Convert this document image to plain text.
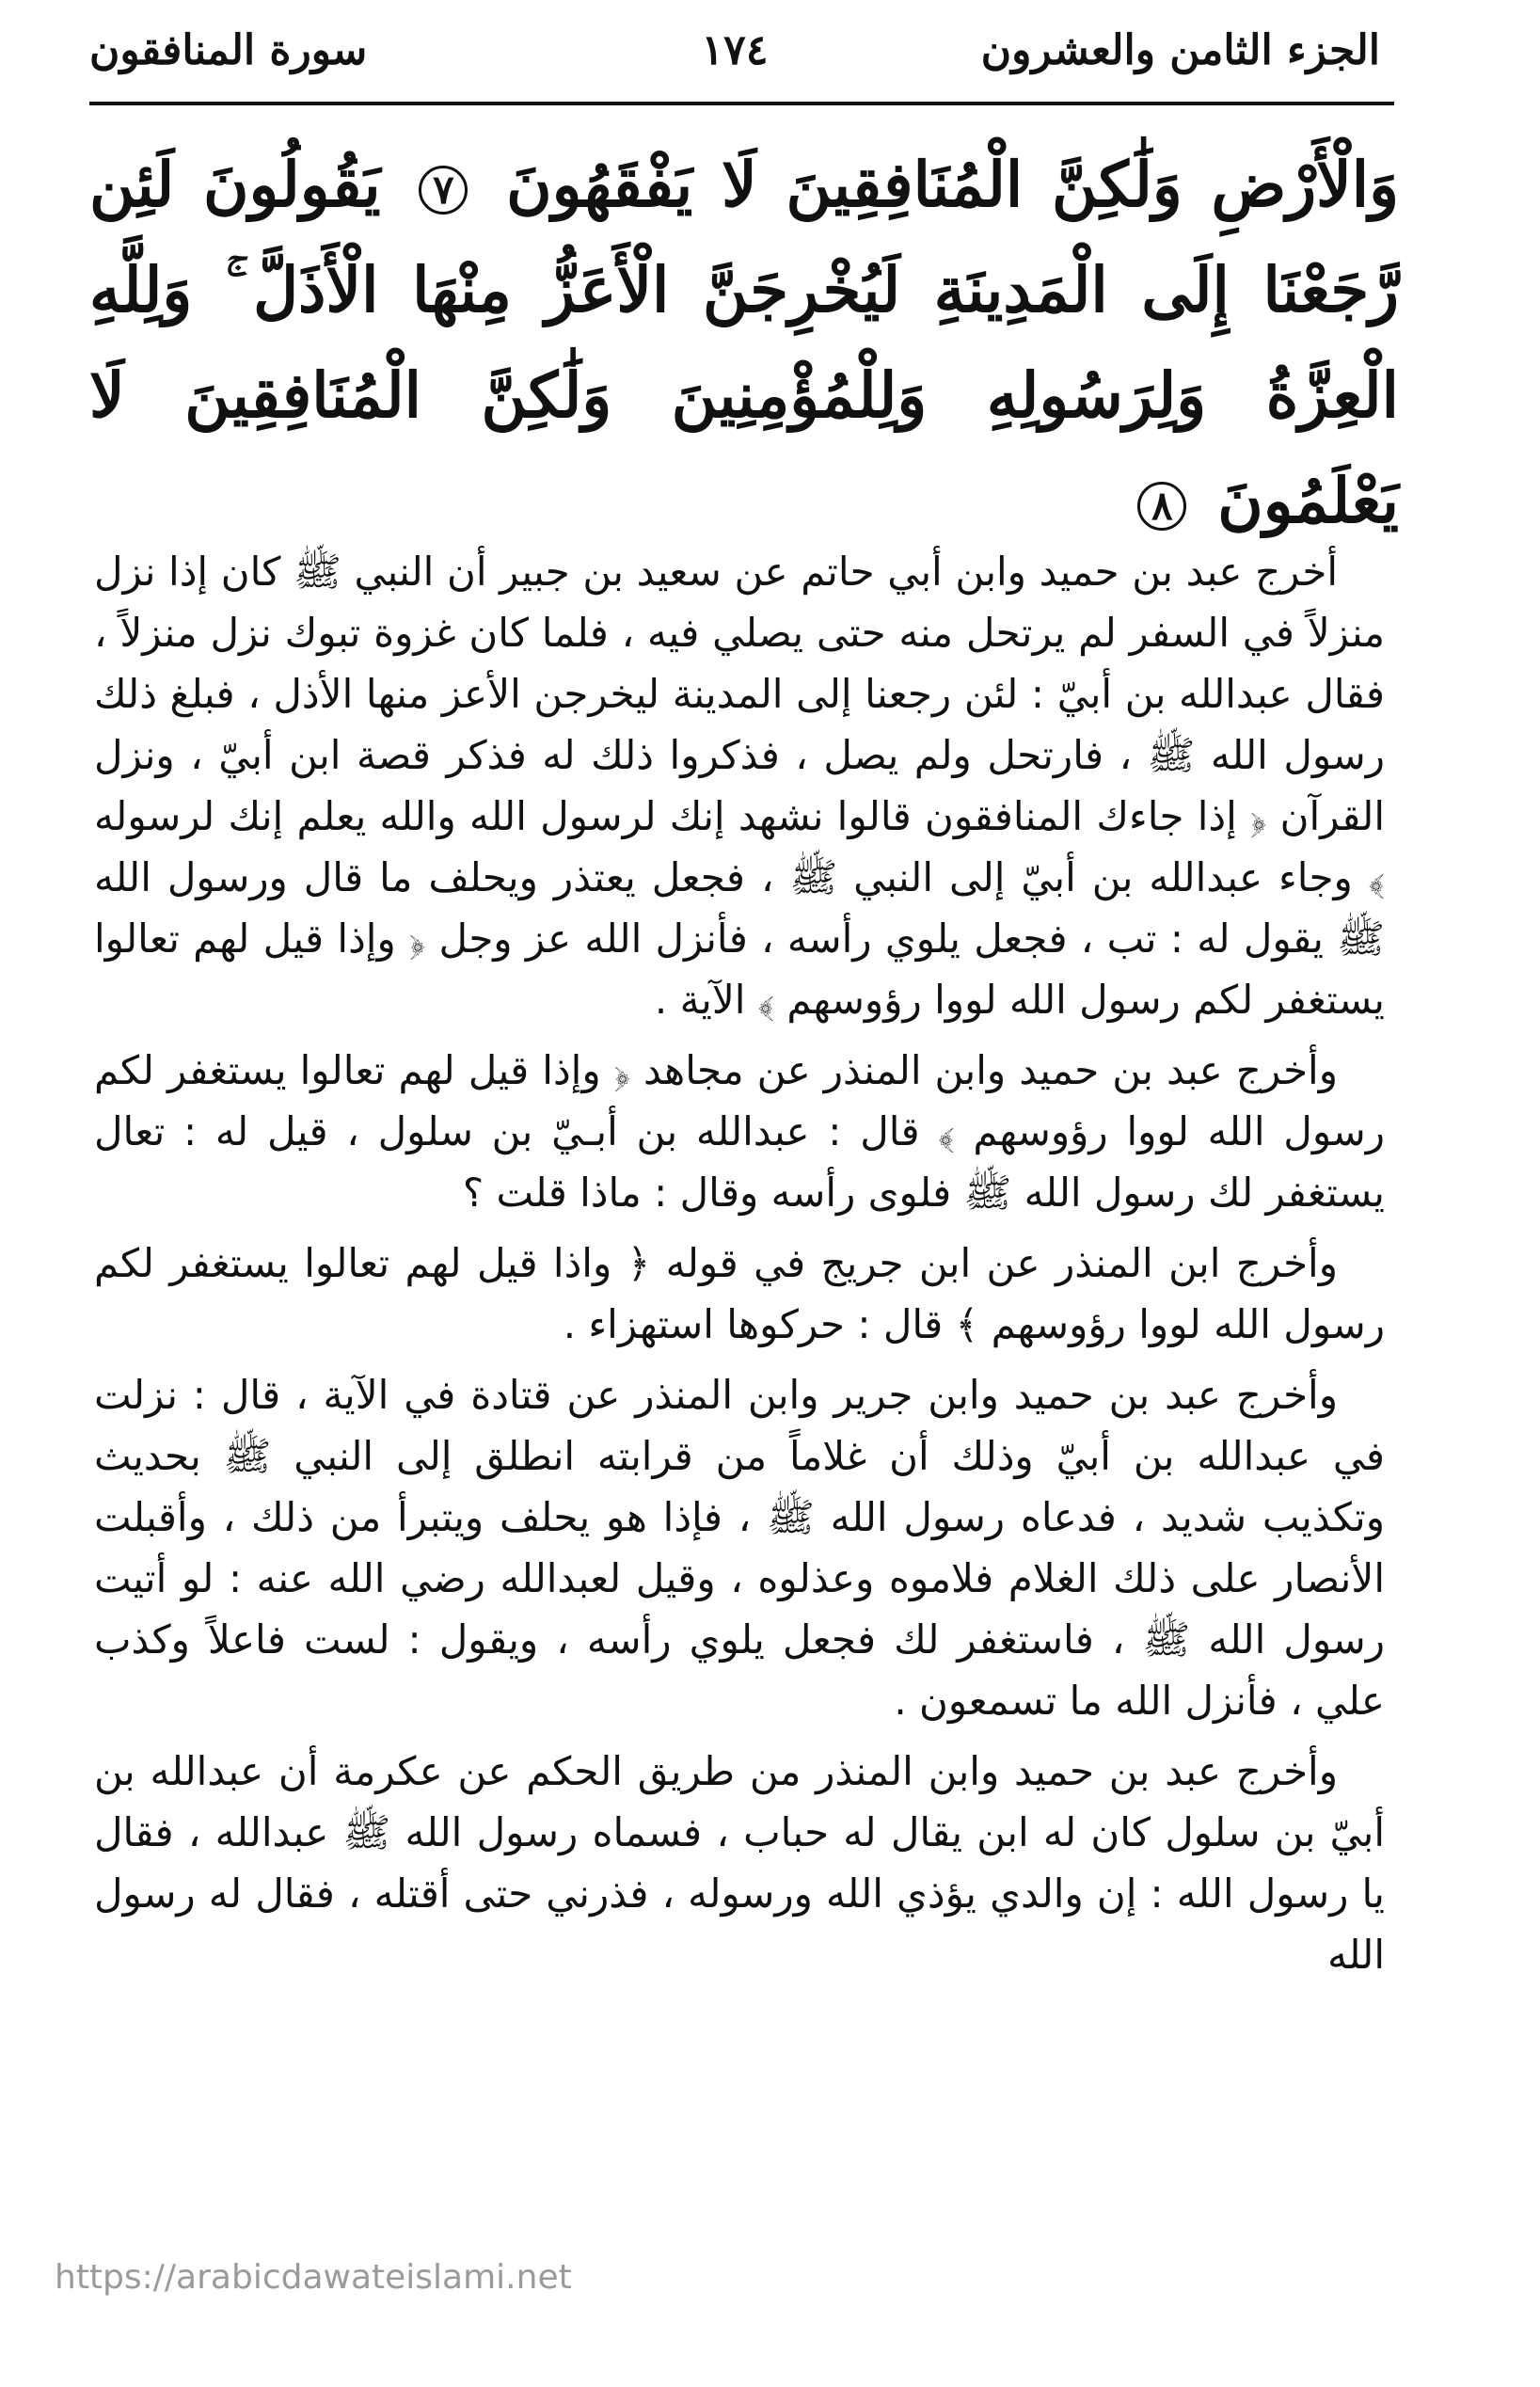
الجزء الثامن والعشرون
١٧٤
سورة المنافقون
وَالْأَرْضِ وَلَٰكِنَّ الْمُنَافِقِينَ لَا يَفْقَهُونَ ٧ يَقُولُونَ لَئِن رَّجَعْنَا إِلَى الْمَدِينَةِ لَيُخْرِجَنَّ الْأَعَزُّ مِنْهَا الْأَذَلَّ ۚ وَلِلَّهِ الْعِزَّةُ وَلِرَسُولِهِ وَلِلْمُؤْمِنِينَ وَلَٰكِنَّ الْمُنَافِقِينَ لَا يَعْلَمُونَ ٨

أخرج عبد بن حميد وابن أبي حاتم عن سعيد بن جبير أن النبي ﷺ كان إذا نزل منزلاً في السفر لم يرتحل منه حتى يصلي فيه ، فلما كان غزوة تبوك نزل منزلاً ، فقال عبدالله بن أبيّ : لئن رجعنا إلى المدينة ليخرجن الأعز منها الأذل ، فبلغ ذلك رسول الله ﷺ ، فارتحل ولم يصل ، فذكروا ذلك له فذكر قصة ابن أبيّ ، ونزل القرآن ﴿ إذا جاءك المنافقون قالوا نشهد إنك لرسول الله والله يعلم إنك لرسوله ﴾ وجاء عبدالله بن أبيّ إلى النبي ﷺ ، فجعل يعتذر ويحلف ما قال ورسول الله ﷺ يقول له : تب ، فجعل يلوي رأسه ، فأنزل الله عز وجل ﴿ وإذا قيل لهم تعالوا يستغفر لكم رسول الله لووا رؤوسهم ﴾ الآية .

وأخرج عبد بن حميد وابن المنذر عن مجاهد ﴿ وإذا قيل لهم تعالوا يستغفر لكم رسول الله لووا رؤوسهم ﴾ قال : عبدالله بن أبـيّ بن سلول ، قيل له : تعال يستغفر لك رسول الله ﷺ فلوى رأسه وقال : ماذا قلت ؟

وأخرج ابن المنذر عن ابن جريج في قوله ﴿ واذا قيل لهم تعالوا يستغفر لكم رسول الله لووا رؤوسهم ﴾ قال : حركوها استهزاء .

وأخرج عبد بن حميد وابن جرير وابن المنذر عن قتادة في الآية ، قال : نزلت في عبدالله بن أبيّ وذلك أن غلاماً من قرابته انطلق إلى النبي ﷺ بحديث وتكذيب شديد ، فدعاه رسول الله ﷺ ، فإذا هو يحلف ويتبرأ من ذلك ، وأقبلت الأنصار على ذلك الغلام فلاموه وعذلوه ، وقيل لعبدالله رضي الله عنه : لو أتيت رسول الله ﷺ ، فاستغفر لك فجعل يلوي رأسه ، ويقول : لست فاعلاً وكذب علي ، فأنزل الله ما تسمعون .

وأخرج عبد بن حميد وابن المنذر من طريق الحكم عن عكرمة أن عبدالله بن أبيّ بن سلول كان له ابن يقال له حباب ، فسماه رسول الله ﷺ عبدالله ، فقال يا رسول الله : إن والدي يؤذي الله ورسوله ، فذرني حتى أقتله ، فقال له رسول الله

https://arabicdawateislami.net
